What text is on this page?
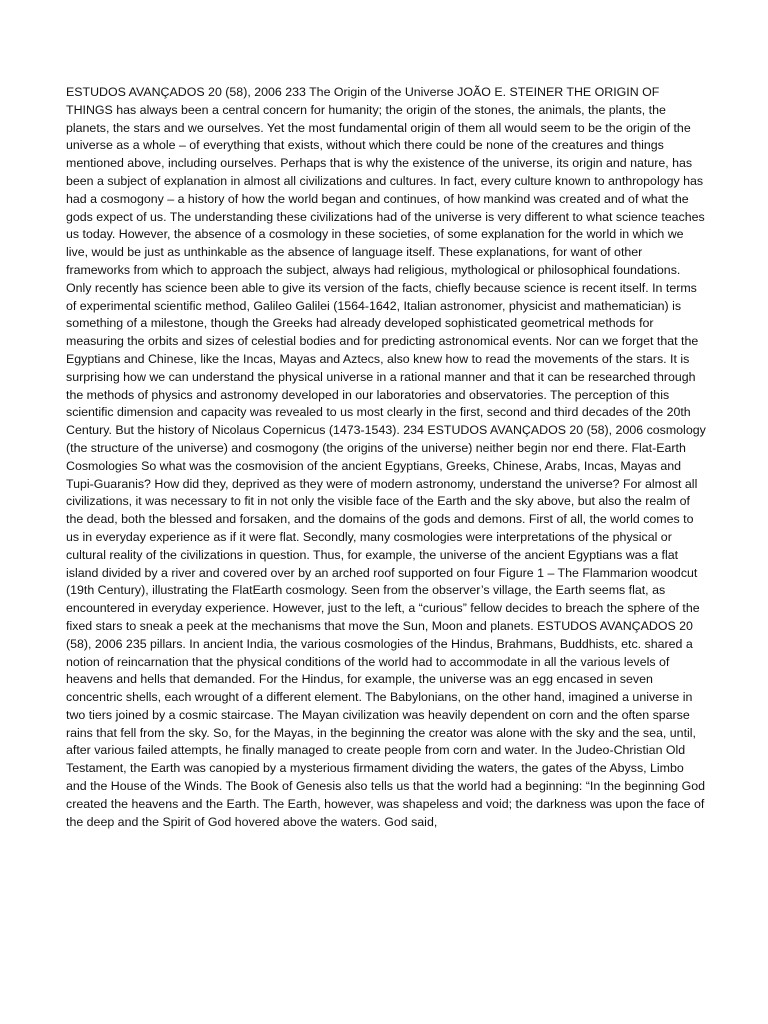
ESTUDOS AVANÇADOS 20 (58), 2006 233 The Origin of the Universe JOÃO E. STEINER THE ORIGIN OF THINGS has always been a central concern for humanity; the origin of the stones, the animals, the plants, the planets, the stars and we ourselves. Yet the most fundamental origin of them all would seem to be the origin of the universe as a whole – of everything that exists, without which there could be none of the creatures and things mentioned above, including ourselves. Perhaps that is why the existence of the universe, its origin and nature, has been a subject of explanation in almost all civilizations and cultures. In fact, every culture known to anthropology has had a cosmogony – a history of how the world began and continues, of how mankind was created and of what the gods expect of us. The understanding these civilizations had of the universe is very different to what science teaches us today. However, the absence of a cosmology in these societies, of some explanation for the world in which we live, would be just as unthinkable as the absence of language itself. These explanations, for want of other frameworks from which to approach the subject, always had religious, mythological or philosophical foundations. Only recently has science been able to give its version of the facts, chiefly because science is recent itself. In terms of experimental scientific method, Galileo Galilei (1564-1642, Italian astronomer, physicist and mathematician) is something of a milestone, though the Greeks had already developed sophisticated geometrical methods for measuring the orbits and sizes of celestial bodies and for predicting astronomical events. Nor can we forget that the Egyptians and Chinese, like the Incas, Mayas and Aztecs, also knew how to read the movements of the stars. It is surprising how we can understand the physical universe in a rational manner and that it can be researched through the methods of physics and astronomy developed in our laboratories and observatories. The perception of this scientific dimension and capacity was revealed to us most clearly in the first, second and third decades of the 20th Century. But the history of Nicolaus Copernicus (1473-1543). 234 ESTUDOS AVANÇADOS 20 (58), 2006 cosmology (the structure of the universe) and cosmogony (the origins of the universe) neither begin nor end there. Flat-Earth Cosmologies So what was the cosmovision of the ancient Egyptians, Greeks, Chinese, Arabs, Incas, Mayas and Tupi-Guaranis? How did they, deprived as they were of modern astronomy, understand the universe? For almost all civilizations, it was necessary to fit in not only the visible face of the Earth and the sky above, but also the realm of the dead, both the blessed and forsaken, and the domains of the gods and demons. First of all, the world comes to us in everyday experience as if it were flat. Secondly, many cosmologies were interpretations of the physical or cultural reality of the civilizations in question. Thus, for example, the universe of the ancient Egyptians was a flat island divided by a river and covered over by an arched roof supported on four Figure 1 – The Flammarion woodcut (19th Century), illustrating the FlatEarth cosmology. Seen from the observer’s village, the Earth seems flat, as encountered in everyday experience. However, just to the left, a “curious” fellow decides to breach the sphere of the fixed stars to sneak a peek at the mechanisms that move the Sun, Moon and planets. ESTUDOS AVANÇADOS 20 (58), 2006 235 pillars. In ancient India, the various cosmologies of the Hindus, Brahmans, Buddhists, etc. shared a notion of reincarnation that the physical conditions of the world had to accommodate in all the various levels of heavens and hells that demanded. For the Hindus, for example, the universe was an egg encased in seven concentric shells, each wrought of a different element. The Babylonians, on the other hand, imagined a universe in two tiers joined by a cosmic staircase. The Mayan civilization was heavily dependent on corn and the often sparse rains that fell from the sky. So, for the Mayas, in the beginning the creator was alone with the sky and the sea, until, after various failed attempts, he finally managed to create people from corn and water. In the Judeo-Christian Old Testament, the Earth was canopied by a mysterious firmament dividing the waters, the gates of the Abyss, Limbo and the House of the Winds. The Book of Genesis also tells us that the world had a beginning: “In the beginning God created the heavens and the Earth. The Earth, however, was shapeless and void; the darkness was upon the face of the deep and the Spirit of God hovered above the waters. God said,
